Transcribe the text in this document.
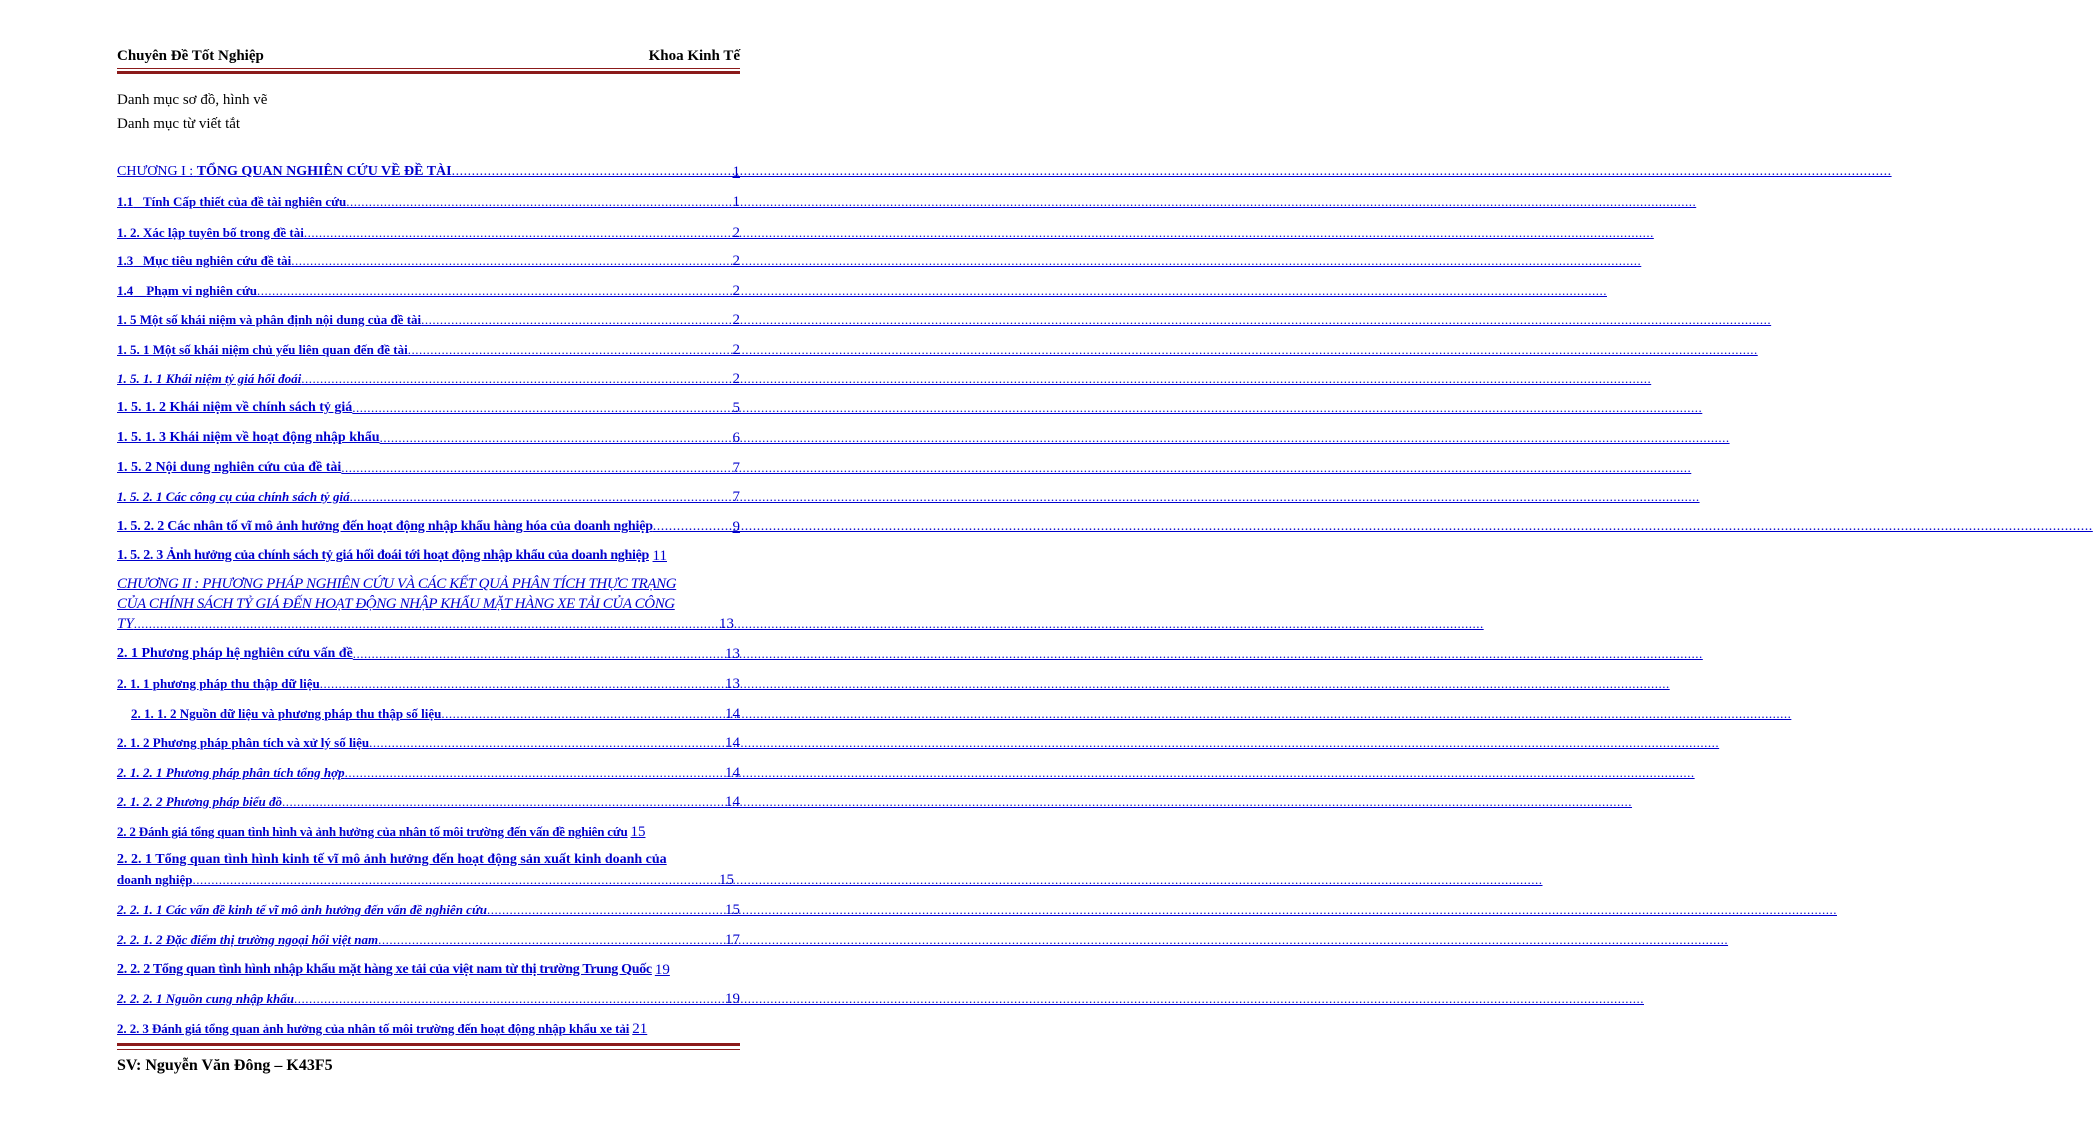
Chuyên Đề Tốt Nghiệp	Khoa Kinh Tế
Danh mục sơ đồ, hình vẽ
Danh mục từ viết tắt
CHƯƠNG I : TỔNG QUAN NGHIÊN CỨU VỀ ĐỀ TÀI .....	1
1.1 Tính Cấp thiết của đề tài nghiên cứu .....	1
1. 2. Xác lập tuyên bố trong đề tài .....	2
1.3 Mục tiêu nghiên cứu đề tài .....	2
1.4 Phạm vi nghiên cứu .....	2
1. 5 Một số khái niệm và phân định nội dung của đề tài .....	2
1. 5. 1 Một số khái niệm chủ yếu liên quan đến đề tài .....	2
1. 5. 1. 1 Khái niệm tỷ giá hối đoái .....	2
1. 5. 1. 2 Khái niệm về chính sách tỷ giá .....	5
1. 5. 1. 3 Khái niệm về hoạt động nhập khẩu .....	6
1. 5. 2 Nội dung nghiên cứu của đề tài .....	7
1. 5. 2. 1 Các công cụ của chính sách tỷ giá .....	7
1. 5. 2. 2 Các nhân tố vĩ mô ảnh hưởng đến hoạt động nhập khẩu hàng hóa của doanh nghiệp .....	9
1. 5. 2. 3 Ảnh hưởng của chính sách tỷ giá hối đoái tới hoạt động nhập khẩu của doanh nghiệp 11
CHƯƠNG II : PHƯƠNG PHÁP NGHIÊN CỨU VÀ CÁC KẾT QUẢ PHÂN TÍCH THỰC TRẠNG
CỦA CHÍNH SÁCH TỶ GIÁ ĐẾN HOẠT ĐỘNG NHẬP KHẨU MẶT HÀNG XE TẢI CỦA CÔNG
TY .....	13
2. 1 Phương pháp hệ nghiên cứu vấn đề .....	13
2. 1. 1 phương pháp thu thập dữ liệu .....	13
2. 1. 1. 2 Nguồn dữ liệu và phương pháp thu thập số liệu .....	14
2. 1. 2 Phương pháp phân tích và xử lý số liệu .....	14
2. 1. 2. 1 Phương pháp phân tích tổng hợp .....	14
2. 1. 2. 2 Phương pháp biểu đồ .....	14
2. 2 Đánh giá tổng quan tình hình và ảnh hưởng của nhân tố môi trường đến vấn đề nghiên cứu 15
2. 2. 1 Tổng quan tình hình kinh tế vĩ mô ảnh hưởng đến hoạt động sản xuất kinh doanh của
doanh nghiệp .....	15
2. 2. 1. 1 Các vấn đề kinh tế vĩ mô ảnh hưởng đến vấn đề nghiên cứu .....	15
2. 2. 1. 2 Đặc điểm thị trường ngoại hối việt nam .....	17
2. 2. 2 Tổng quan tình hình nhập khẩu mặt hàng xe tải của việt nam từ thị trường Trung Quốc 19
2. 2. 2. 1 Nguồn cung nhập khẩu .....	19
2. 2. 3 Đánh giá tổng quan ảnh hưởng của nhân tố môi trường đến hoạt động nhập khẩu xe tải 21
SV: Nguyễn Văn Đông – K43F5
